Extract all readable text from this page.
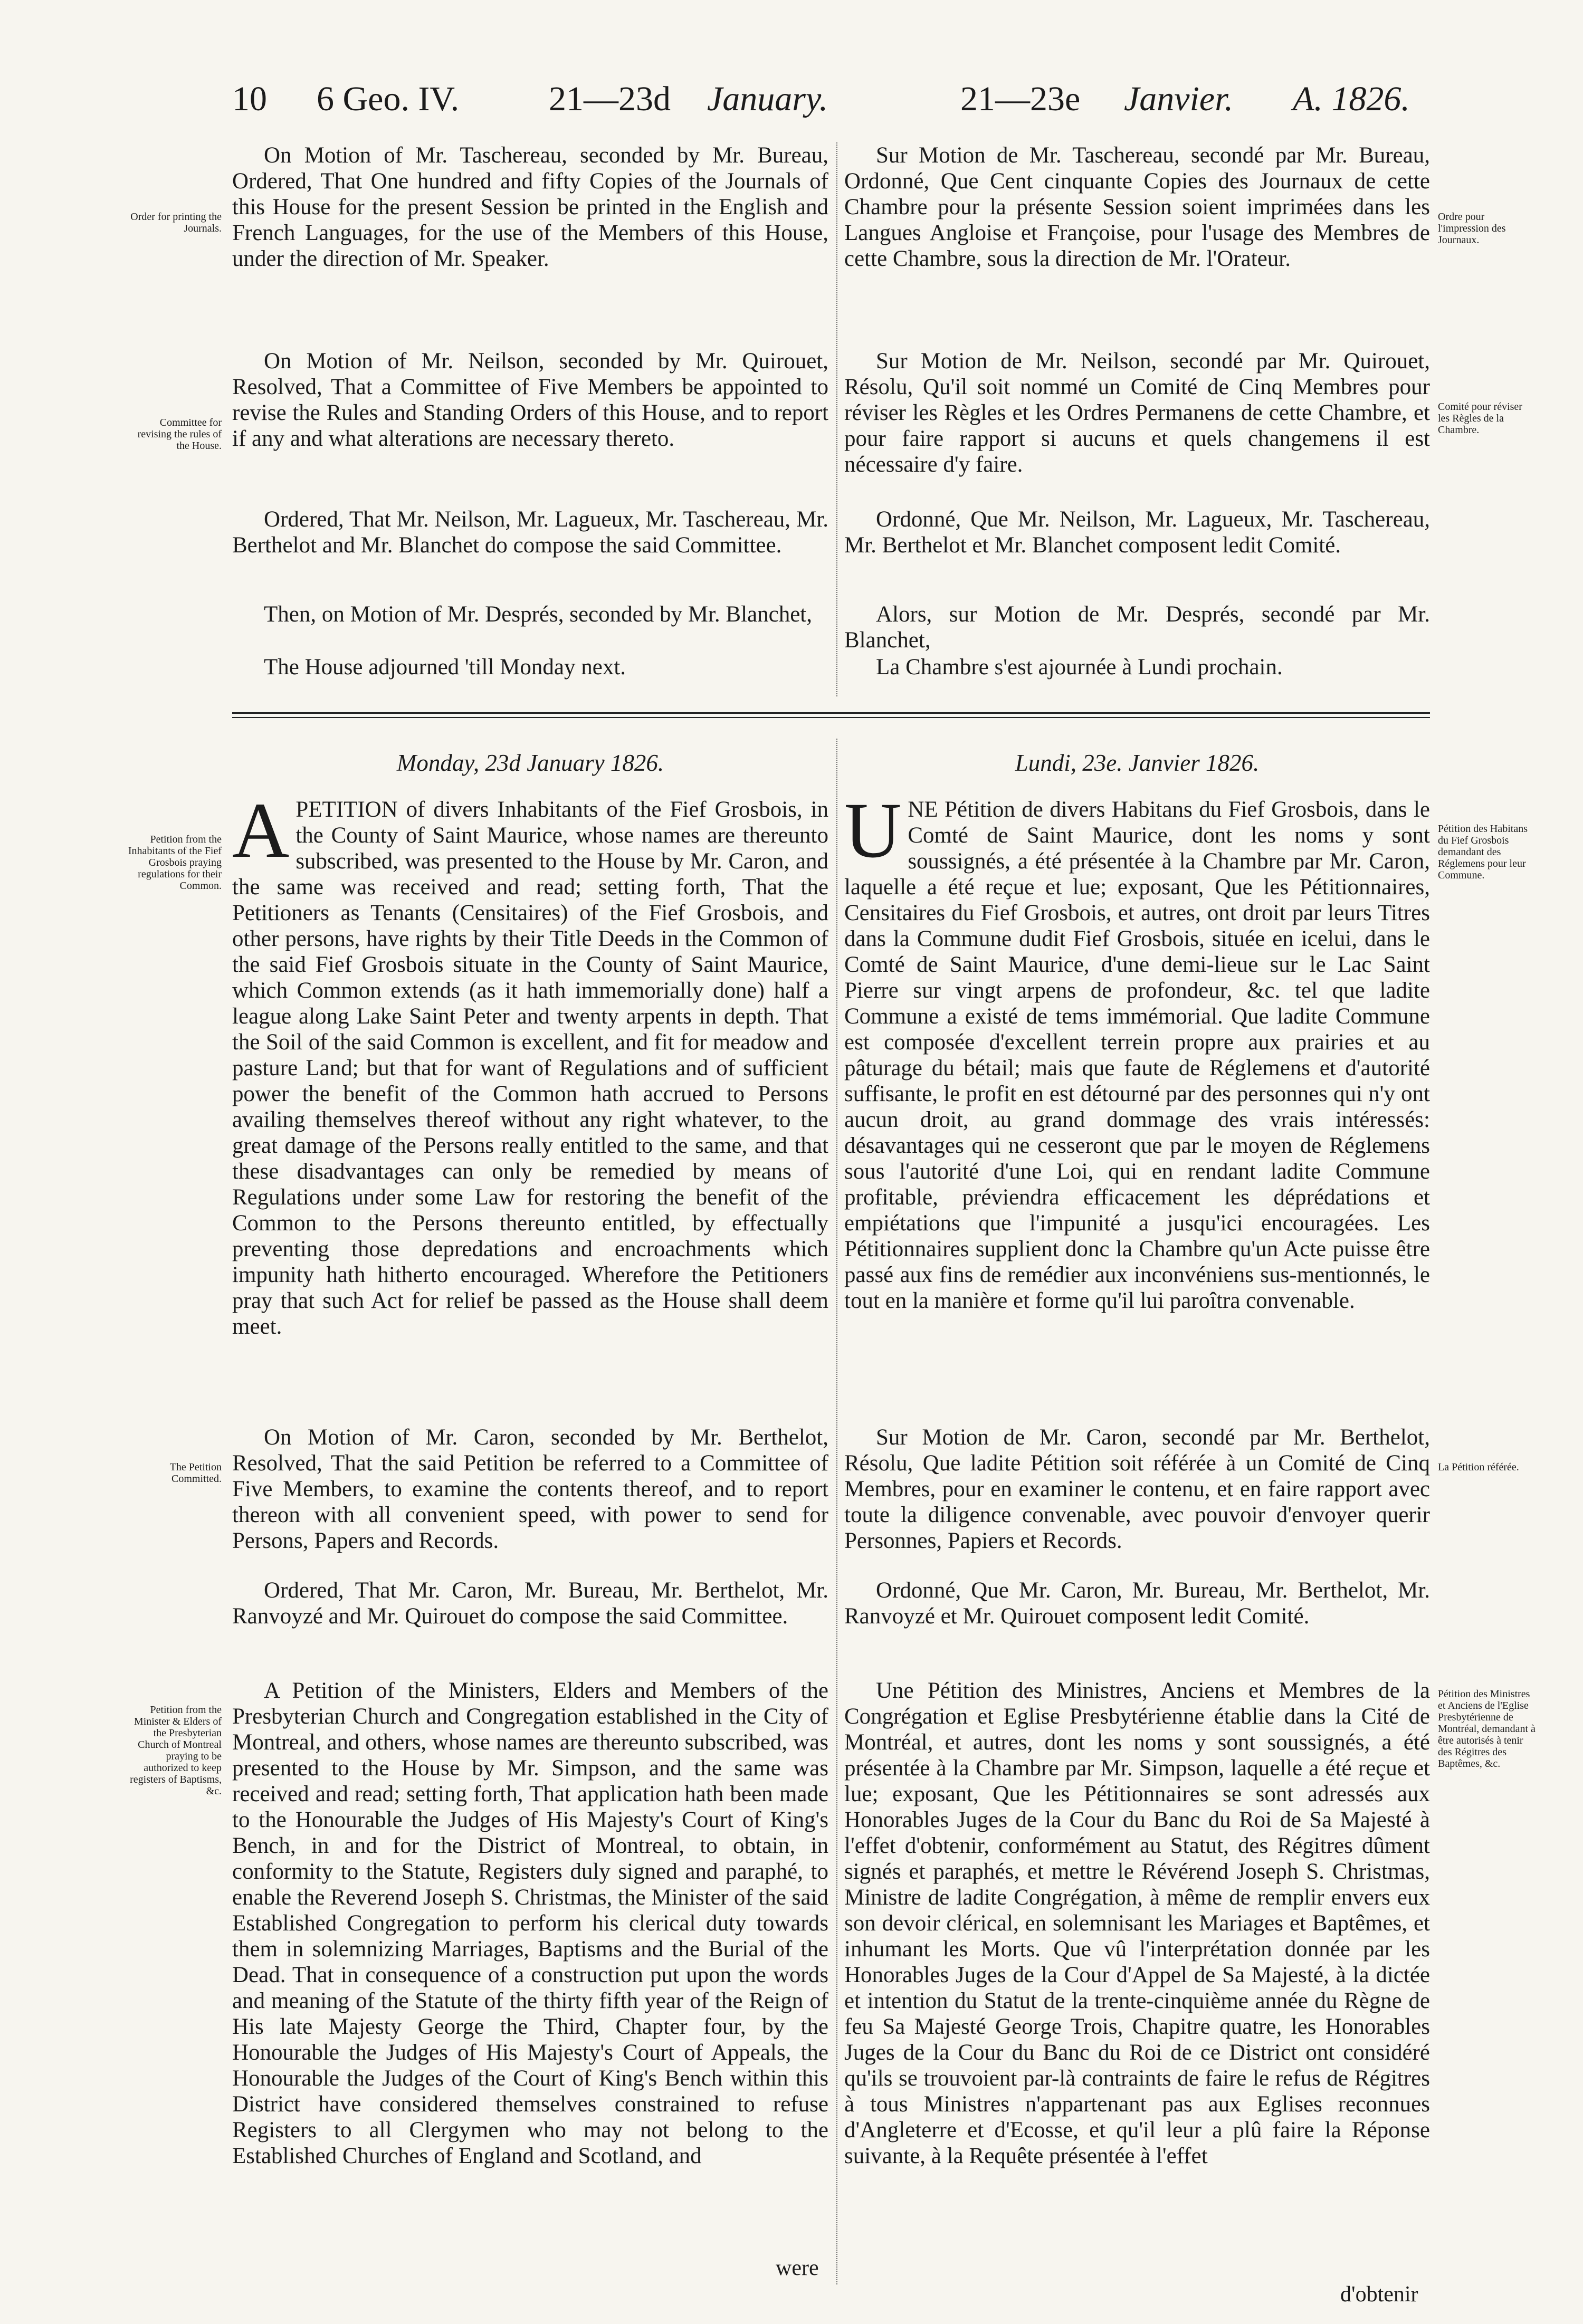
10 6 Geo. IV.	21—23d January.	21—23e Janvier. A. 1826.
Order for printing the Journals.
On Motion of Mr. Taschereau, seconded by Mr. Bureau, Ordered, That One hundred and fifty Copies of the Journals of this House for the present Session be printed in the English and French Languages, for the use of the Members of this House, under the direction of Mr. Speaker.
Sur Motion de Mr. Taschereau, secondé par Mr. Bureau, Ordonné, Que Cent cinquante Copies des Journaux de cette Chambre pour la présente Session soient imprimées dans les Langues Angloise et Françoise, pour l'usage des Membres de cette Chambre, sous la direction de Mr. l'Orateur.
Ordre pour l'impression des Journaux.
Committee for revising the rules of the House.
On Motion of Mr. Neilson, seconded by Mr. Quirouet, Resolved, That a Committee of Five Members be appointed to revise the Rules and Standing Orders of this House, and to report if any and what alterations are necessary thereto.
Ordered, That Mr. Neilson, Mr. Lagueux, Mr. Taschereau, Mr. Berthelot and Mr. Blanchet do compose the said Committee.
Sur Motion de Mr. Neilson, secondé par Mr. Quirouet, Résolu, Qu'il soit nommé un Comité de Cinq Membres pour réviser les Règles et les Ordres Permanens de cette Chambre, et pour faire rapport si aucuns et quels changemens il est nécessaire d'y faire.
Ordonné, Que Mr. Neilson, Mr. Lagueux, Mr. Taschereau, Mr. Berthelot et Mr. Blanchet composent ledit Comité.
Comité pour réviser les Règles de la Chambre.
Then, on Motion of Mr. Després, seconded by Mr. Blanchet,
The House adjourned 'till Monday next.
Alors, sur Motion de Mr. Després, secondé par Mr. Blanchet,
La Chambre s'est ajournée à Lundi prochain.
Monday, 23d January 1826.	Lundi, 23e. Janvier 1826.
Petition from the Inhabitants of the Fief Grosbois praying regulations for their Common.
A PETITION of divers Inhabitants of the Fief Grosbois, in the County of Saint Maurice, whose names are thereunto subscribed, was presented to the House by Mr. Caron, and the same was received and read; setting forth, That the Petitioners as Tenants (Censitaires) of the Fief Grosbois, and other persons, have rights by their Title Deeds in the Common of the said Fief Grosbois situate in the County of Saint Maurice, which Common extends (as it hath immemorially done) half a league along Lake Saint Peter and twenty arpents in depth. That the Soil of the said Common is excellent, and fit for meadow and pasture Land; but that for want of Regulations and of sufficient power the benefit of the Common hath accrued to Persons availing themselves thereof without any right whatever, to the great damage of the Persons really entitled to the same, and that these disadvantages can only be remedied by means of Regulations under some Law for restoring the benefit of the Common to the Persons thereunto entitled, by effectually preventing those depredations and encroachments which impunity hath hitherto encouraged. Wherefore the Petitioners pray that such Act for relief be passed as the House shall deem meet.
U NE Pétition de divers Habitans du Fief Grosbois, dans le Comté de Saint Maurice, dont les noms y sont soussignés, a été présentée à la Chambre par Mr. Caron, laquelle a été reçue et lue; exposant, Que les Pétitionnaires, Censitaires du Fief Grosbois, et autres, ont droit par leurs Titres dans la Commune dudit Fief Grosbois, située en icelui, dans le Comté de Saint Maurice, d'une demi-lieue sur le Lac Saint Pierre sur vingt arpens de profondeur, &c. tel que ladite Commune a existé de tems immémorial. Que ladite Commune est composée d'excellent terrein propre aux prairies et au pâturage du bétail; mais que faute de Réglemens et d'autorité suffisante, le profit en est détourné par des personnes qui n'y ont aucun droit, au grand dommage des vrais intéressés: désavantages qui ne cesseront que par le moyen de Réglemens sous l'autorité d'une Loi, qui en rendant ladite Commune profitable, préviendra efficacement les déprédations et empiétations que l'impunité a jusqu'ici encouragées. Les Pétitionnaires supplient donc la Chambre qu'un Acte puisse être passé aux fins de remédier aux inconvéniens sus-mentionnés, le tout en la manière et forme qu'il lui paroîtra convenable.
Pétition des Habitans du Fief Grosbois demandant des Réglemens pour leur Commune.
The Petition Committed.
On Motion of Mr. Caron, seconded by Mr. Berthelot, Resolved, That the said Petition be referred to a Committee of Five Members, to examine the contents thereof, and to report thereon with all convenient speed, with power to send for Persons, Papers and Records.
Ordered, That Mr. Caron, Mr. Bureau, Mr. Berthelot, Mr. Ranvoyzé and Mr. Quirouet do compose the said Committee.
Sur Motion de Mr. Caron, secondé par Mr. Berthelot, Résolu, Que ladite Pétition soit référée à un Comité de Cinq Membres, pour en examiner le contenu, et en faire rapport avec toute la diligence convenable, avec pouvoir d'envoyer querir Personnes, Papiers et Records.
Ordonné, Que Mr. Caron, Mr. Bureau, Mr. Berthelot, Mr. Ranvoyzé et Mr. Quirouet composent ledit Comité.
La Pétition référée.
Petition from the Minister & Elders of the Presbyterian Church of Montreal praying to be authorized to keep registers of Baptisms, &c.
A Petition of the Ministers, Elders and Members of the Presbyterian Church and Congregation established in the City of Montreal, and others, whose names are thereunto subscribed, was presented to the House by Mr. Simpson, and the same was received and read; setting forth, That application hath been made to the Honourable the Judges of His Majesty's Court of King's Bench, in and for the District of Montreal, to obtain, in conformity to the Statute, Registers duly signed and paraphé, to enable the Reverend Joseph S. Christmas, the Minister of the said Established Congregation to perform his clerical duty towards them in solemnizing Marriages, Baptisms and the Burial of the Dead. That in consequence of a construction put upon the words and meaning of the Statute of the thirty fifth year of the Reign of His late Majesty George the Third, Chapter four, by the Honourable the Judges of His Majesty's Court of Appeals, the Honourable the Judges of the Court of King's Bench within this District have considered themselves constrained to refuse Registers to all Clergymen who may not belong to the Established Churches of England and Scotland, and
were
Une Pétition des Ministres, Anciens et Membres de la Congrégation et Eglise Presbytérienne établie dans la Cité de Montréal, et autres, dont les noms y sont soussignés, a été présentée à la Chambre par Mr. Simpson, laquelle a été reçue et lue; exposant, Que les Pétitionnaires se sont adressés aux Honorables Juges de la Cour du Banc du Roi de Sa Majesté à l'effet d'obtenir, conformément au Statut, des Régitres dûment signés et paraphés, et mettre le Révérend Joseph S. Christmas, Ministre de ladite Congrégation, à même de remplir envers eux son devoir clérical, en solemnisant les Mariages et Baptêmes, et inhumant les Morts. Que vû l'interprétation donnée par les Honorables Juges de la Cour d'Appel de Sa Majesté, à la dictée et intention du Statut de la trente-cinquième année du Règne de feu Sa Majesté George Trois, Chapitre quatre, les Honorables Juges de la Cour du Banc du Roi de ce District ont considéré qu'ils se trouvoient par-là contraints de faire le refus de Régitres à tous Ministres n'appartenant pas aux Eglises reconnues d'Angleterre et d'Ecosse, et qu'il leur a plû faire la Réponse suivante, à la Requête présentée à l'effet
d'obtenir
Pétition des Ministres et Anciens de l'Eglise Presbytérienne de Montréal, demandant à être autorisés à tenir des Régitres des Baptêmes, &c.
